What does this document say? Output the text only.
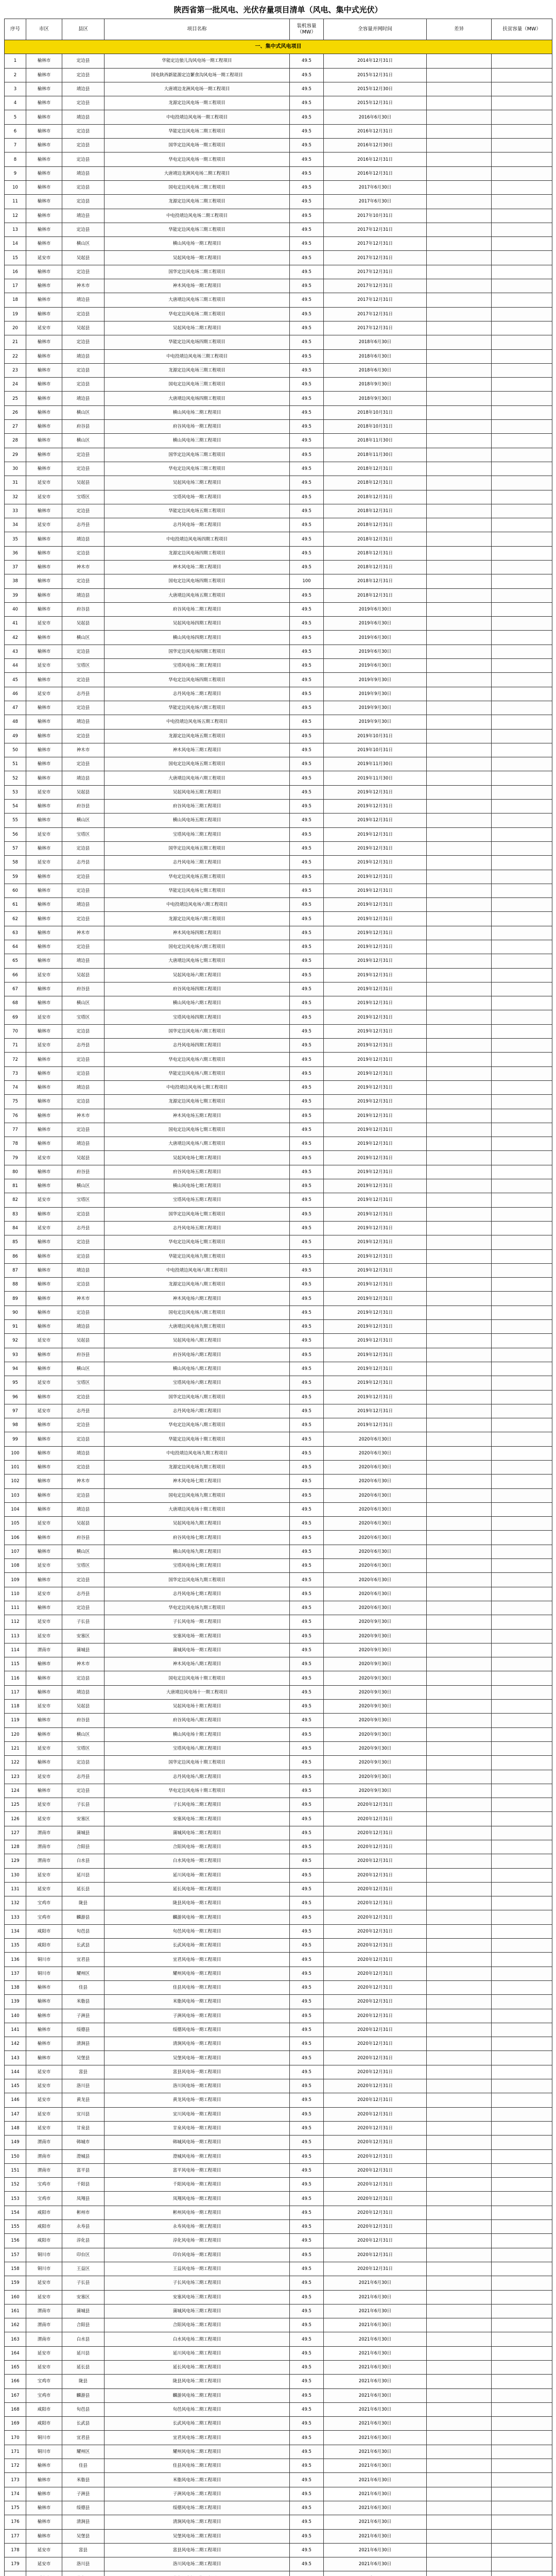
陕西省第一批风电、光伏存量项目清单（风电、集中式光伏）
序号	市区	县区	项目名称	装机容量（MW）	全容量并网时间	差异	扶贫容量（MW）
一、集中式风电项目							
1	榆林市	定边县	华能定边狼儿沟风电场一期工程项目	49.5	2014年12月31日		
2	榆林市	定边县	国电陕西新能源定边繁食沟风电场一期工程项目	49.5	2015年12月31日		
3	榆林市	靖边县	大唐靖边龙洲风电场一期工程项目	49.5	2015年12月30日		
4	榆林市	定边县	龙源定边风电场一期工程项目	49.5	2015年12月31日		
5	榆林市	靖边县	中电投靖边风电场一期工程项目	49.5	2016年6月30日		
6	榆林市	定边县	华能定边风电场二期工程项目	49.5	2016年12月31日		
7	榆林市	定边县	国华定边风电场一期工程项目	49.5	2016年12月30日		
8	榆林市	定边县	华电定边风电场一期工程项目	49.5	2016年12月31日		
9	榆林市	靖边县	大唐靖边龙洲风电场二期工程项目	49.5	2016年12月31日		
10	榆林市	定边县	国电定边风电场二期工程项目	49.5	2017年6月30日		
11	榆林市	定边县	龙源定边风电场二期工程项目	49.5	2017年6月30日		
12	榆林市	靖边县	中电投靖边风电场二期工程项目	49.5	2017年10月31日		
13	榆林市	定边县	华能定边风电场三期工程项目	49.5	2017年12月31日		
14	榆林市	横山区	横山风电场一期工程项目	49.5	2017年12月31日		
15	延安市	吴起县	吴起风电场一期工程项目	49.5	2017年12月31日		
16	榆林市	定边县	国华定边风电场二期工程项目	49.5	2017年12月31日		
17	榆林市	神木市	神木风电场一期工程项目	49.5	2017年12月31日		
18	榆林市	靖边县	大唐靖边风电场三期工程项目	49.5	2017年12月31日		
19	榆林市	定边县	华电定边风电场二期工程项目	49.5	2017年12月31日		
20	延安市	吴起县	吴起风电场二期工程项目	49.5	2017年12月31日		
21	榆林市	定边县	华能定边风电场四期工程项目	49.5	2018年6月30日		
22	榆林市	靖边县	中电投靖边风电场三期工程项目	49.5	2018年6月30日		
23	榆林市	定边县	龙源定边风电场三期工程项目	49.5	2018年6月30日		
24	榆林市	定边县	国电定边风电场三期工程项目	49.5	2018年9月30日		
25	榆林市	靖边县	大唐靖边风电场四期工程项目	49.5	2018年9月30日		
26	榆林市	横山区	横山风电场二期工程项目	49.5	2018年10月31日		
27	榆林市	府谷县	府谷风电场一期工程项目	49.5	2018年10月31日		
28	榆林市	横山区	横山风电场三期工程项目	49.5	2018年11月30日		
29	榆林市	定边县	国华定边风电场三期工程项目	49.5	2018年11月30日		
30	榆林市	定边县	华电定边风电场三期工程项目	49.5	2018年12月31日		
31	延安市	吴起县	吴起风电场三期工程项目	49.5	2018年12月31日		
32	延安市	宝塔区	宝塔风电场一期工程项目	49.5	2018年12月31日		
33	榆林市	定边县	华能定边风电场五期工程项目	49.5	2018年12月31日		
34	延安市	志丹县	志丹风电场一期工程项目	49.5	2018年12月31日		
35	榆林市	靖边县	中电投靖边风电场四期工程项目	49.5	2018年12月31日		
36	榆林市	定边县	龙源定边风电场四期工程项目	49.5	2018年12月31日		
37	榆林市	神木市	神木风电场二期工程项目	49.5	2018年12月31日		
38	榆林市	定边县	国电定边风电场四期工程项目	100	2018年12月31日		
39	榆林市	靖边县	大唐靖边风电场五期工程项目	49.5	2018年12月31日		
40	榆林市	府谷县	府谷风电场二期工程项目	49.5	2019年6月30日		
41	延安市	吴起县	吴起风电场四期工程项目	49.5	2019年6月30日		
42	榆林市	横山区	横山风电场四期工程项目	49.5	2019年6月30日		
43	榆林市	定边县	国华定边风电场四期工程项目	49.5	2019年6月30日		
44	延安市	宝塔区	宝塔风电场二期工程项目	49.5	2019年6月30日		
45	榆林市	定边县	华电定边风电场四期工程项目	49.5	2019年9月30日		
46	延安市	志丹县	志丹风电场二期工程项目	49.5	2019年9月30日		
47	榆林市	定边县	华能定边风电场六期工程项目	49.5	2019年9月30日		
48	榆林市	靖边县	中电投靖边风电场五期工程项目	49.5	2019年9月30日		
49	榆林市	定边县	龙源定边风电场五期工程项目	49.5	2019年10月31日		
50	榆林市	神木市	神木风电场三期工程项目	49.5	2019年10月31日		
51	榆林市	定边县	国电定边风电场五期工程项目	49.5	2019年11月30日		
52	榆林市	靖边县	大唐靖边风电场六期工程项目	49.5	2019年11月30日		
53	延安市	吴起县	吴起风电场五期工程项目	49.5	2019年12月31日		
54	榆林市	府谷县	府谷风电场三期工程项目	49.5	2019年12月31日		
55	榆林市	横山区	横山风电场五期工程项目	49.5	2019年12月31日		
56	延安市	宝塔区	宝塔风电场三期工程项目	49.5	2019年12月31日		
57	榆林市	定边县	国华定边风电场五期工程项目	49.5	2019年12月31日		
58	延安市	志丹县	志丹风电场三期工程项目	49.5	2019年12月31日		
59	榆林市	定边县	华电定边风电场五期工程项目	49.5	2019年12月31日		
60	榆林市	定边县	华能定边风电场七期工程项目	49.5	2019年12月31日		
61	榆林市	靖边县	中电投靖边风电场六期工程项目	49.5	2019年12月31日		
62	榆林市	定边县	龙源定边风电场六期工程项目	49.5	2019年12月31日		
63	榆林市	神木市	神木风电场四期工程项目	49.5	2019年12月31日		
64	榆林市	定边县	国电定边风电场六期工程项目	49.5	2019年12月31日		
65	榆林市	靖边县	大唐靖边风电场七期工程项目	49.5	2019年12月31日		
66	延安市	吴起县	吴起风电场六期工程项目	49.5	2019年12月31日		
67	榆林市	府谷县	府谷风电场四期工程项目	49.5	2019年12月31日		
68	榆林市	横山区	横山风电场六期工程项目	49.5	2019年12月31日		
69	延安市	宝塔区	宝塔风电场四期工程项目	49.5	2019年12月31日		
70	榆林市	定边县	国华定边风电场六期工程项目	49.5	2019年12月31日		
71	延安市	志丹县	志丹风电场四期工程项目	49.5	2019年12月31日		
72	榆林市	定边县	华电定边风电场六期工程项目	49.5	2019年12月31日		
73	榆林市	定边县	华能定边风电场八期工程项目	49.5	2019年12月31日		
74	榆林市	靖边县	中电投靖边风电场七期工程项目	49.5	2019年12月31日		
75	榆林市	定边县	龙源定边风电场七期工程项目	49.5	2019年12月31日		
76	榆林市	神木市	神木风电场五期工程项目	49.5	2019年12月31日		
77	榆林市	定边县	国电定边风电场七期工程项目	49.5	2019年12月31日		
78	榆林市	靖边县	大唐靖边风电场八期工程项目	49.5	2019年12月31日		
79	延安市	吴起县	吴起风电场七期工程项目	49.5	2019年12月31日		
80	榆林市	府谷县	府谷风电场五期工程项目	49.5	2019年12月31日		
81	榆林市	横山区	横山风电场七期工程项目	49.5	2019年12月31日		
82	延安市	宝塔区	宝塔风电场五期工程项目	49.5	2019年12月31日		
83	榆林市	定边县	国华定边风电场七期工程项目	49.5	2019年12月31日		
84	延安市	志丹县	志丹风电场五期工程项目	49.5	2019年12月31日		
85	榆林市	定边县	华电定边风电场七期工程项目	49.5	2019年12月31日		
86	榆林市	定边县	华能定边风电场九期工程项目	49.5	2019年12月31日		
87	榆林市	靖边县	中电投靖边风电场八期工程项目	49.5	2019年12月31日		
88	榆林市	定边县	龙源定边风电场八期工程项目	49.5	2019年12月31日		
89	榆林市	神木市	神木风电场六期工程项目	49.5	2019年12月31日		
90	榆林市	定边县	国电定边风电场八期工程项目	49.5	2019年12月31日		
91	榆林市	靖边县	大唐靖边风电场九期工程项目	49.5	2019年12月31日		
92	延安市	吴起县	吴起风电场八期工程项目	49.5	2019年12月31日		
93	榆林市	府谷县	府谷风电场六期工程项目	49.5	2019年12月31日		
94	榆林市	横山区	横山风电场八期工程项目	49.5	2019年12月31日		
95	延安市	宝塔区	宝塔风电场六期工程项目	49.5	2019年12月31日		
96	榆林市	定边县	国华定边风电场八期工程项目	49.5	2019年12月31日		
97	延安市	志丹县	志丹风电场六期工程项目	49.5	2019年12月31日		
98	榆林市	定边县	华电定边风电场八期工程项目	49.5	2019年12月31日		
99	榆林市	定边县	华能定边风电场十期工程项目	49.5	2020年6月30日		
100	榆林市	靖边县	中电投靖边风电场九期工程项目	49.5	2020年6月30日		
101	榆林市	定边县	龙源定边风电场九期工程项目	49.5	2020年6月30日		
102	榆林市	神木市	神木风电场七期工程项目	49.5	2020年6月30日		
103	榆林市	定边县	国电定边风电场九期工程项目	49.5	2020年6月30日		
104	榆林市	靖边县	大唐靖边风电场十期工程项目	49.5	2020年6月30日		
105	延安市	吴起县	吴起风电场九期工程项目	49.5	2020年6月30日		
106	榆林市	府谷县	府谷风电场七期工程项目	49.5	2020年6月30日		
107	榆林市	横山区	横山风电场九期工程项目	49.5	2020年6月30日		
108	延安市	宝塔区	宝塔风电场七期工程项目	49.5	2020年6月30日		
109	榆林市	定边县	国华定边风电场九期工程项目	49.5	2020年6月30日		
110	延安市	志丹县	志丹风电场七期工程项目	49.5	2020年6月30日		
111	榆林市	定边县	华电定边风电场九期工程项目	49.5	2020年6月30日		
112	延安市	子长县	子长风电场一期工程项目	49.5	2020年9月30日		
113	延安市	安塞区	安塞风电场一期工程项目	49.5	2020年9月30日		
114	渭南市	蒲城县	蒲城风电场一期工程项目	49.5	2020年9月30日		
115	榆林市	神木市	神木风电场八期工程项目	49.5	2020年9月30日		
116	榆林市	定边县	国电定边风电场十期工程项目	49.5	2020年9月30日		
117	榆林市	靖边县	大唐靖边风电场十一期工程项目	49.5	2020年9月30日		
118	延安市	吴起县	吴起风电场十期工程项目	49.5	2020年9月30日		
119	榆林市	府谷县	府谷风电场八期工程项目	49.5	2020年9月30日		
120	榆林市	横山区	横山风电场十期工程项目	49.5	2020年9月30日		
121	延安市	宝塔区	宝塔风电场八期工程项目	49.5	2020年9月30日		
122	榆林市	定边县	国华定边风电场十期工程项目	49.5	2020年9月30日		
123	延安市	志丹县	志丹风电场八期工程项目	49.5	2020年9月30日		
124	榆林市	定边县	华电定边风电场十期工程项目	49.5	2020年9月30日		
125	延安市	子长县	子长风电场二期工程项目	49.5	2020年12月31日		
126	延安市	安塞区	安塞风电场二期工程项目	49.5	2020年12月31日		
127	渭南市	蒲城县	蒲城风电场二期工程项目	49.5	2020年12月31日		
128	渭南市	合阳县	合阳风电场一期工程项目	49.5	2020年12月31日		
129	渭南市	白水县	白水风电场一期工程项目	49.5	2020年12月31日		
130	延安市	延川县	延川风电场一期工程项目	49.5	2020年12月31日		
131	延安市	延长县	延长风电场一期工程项目	49.5	2020年12月31日		
132	宝鸡市	陇县	陇县风电场一期工程项目	49.5	2020年12月31日		
133	宝鸡市	麟游县	麟游风电场一期工程项目	49.5	2020年12月31日		
134	咸阳市	旬邑县	旬邑风电场一期工程项目	49.5	2020年12月31日		
135	咸阳市	长武县	长武风电场一期工程项目	49.5	2020年12月31日		
136	铜川市	宜君县	宜君风电场一期工程项目	49.5	2020年12月31日		
137	铜川市	耀州区	耀州风电场一期工程项目	49.5	2020年12月31日		
138	榆林市	佳县	佳县风电场一期工程项目	49.5	2020年12月31日		
139	榆林市	米脂县	米脂风电场一期工程项目	49.5	2020年12月31日		
140	榆林市	子洲县	子洲风电场一期工程项目	49.5	2020年12月31日		
141	榆林市	绥德县	绥德风电场一期工程项目	49.5	2020年12月31日		
142	榆林市	清涧县	清涧风电场一期工程项目	49.5	2020年12月31日		
143	榆林市	吴堡县	吴堡风电场一期工程项目	49.5	2020年12月31日		
144	延安市	富县	富县风电场一期工程项目	49.5	2020年12月31日		
145	延安市	洛川县	洛川风电场一期工程项目	49.5	2020年12月31日		
146	延安市	黄龙县	黄龙风电场一期工程项目	49.5	2020年12月31日		
147	延安市	宜川县	宜川风电场一期工程项目	49.5	2020年12月31日		
148	延安市	甘泉县	甘泉风电场一期工程项目	49.5	2020年12月31日		
149	渭南市	韩城市	韩城风电场一期工程项目	49.5	2020年12月31日		
150	渭南市	澄城县	澄城风电场一期工程项目	49.5	2020年12月31日		
151	渭南市	富平县	富平风电场一期工程项目	49.5	2020年12月31日		
152	宝鸡市	千阳县	千阳风电场一期工程项目	49.5	2020年12月31日		
153	宝鸡市	凤翔县	凤翔风电场一期工程项目	49.5	2020年12月31日		
154	咸阳市	彬州市	彬州风电场一期工程项目	49.5	2020年12月31日		
155	咸阳市	永寿县	永寿风电场一期工程项目	49.5	2020年12月31日		
156	咸阳市	淳化县	淳化风电场一期工程项目	49.5	2020年12月31日		
157	铜川市	印台区	印台风电场一期工程项目	49.5	2020年12月31日		
158	铜川市	王益区	王益风电场一期工程项目	49.5	2020年12月31日		
159	延安市	子长县	子长风电场三期工程项目	49.5	2021年6月30日		
160	延安市	安塞区	安塞风电场三期工程项目	49.5	2021年6月30日		
161	渭南市	蒲城县	蒲城风电场三期工程项目	49.5	2021年6月30日		
162	渭南市	合阳县	合阳风电场二期工程项目	49.5	2021年6月30日		
163	渭南市	白水县	白水风电场二期工程项目	49.5	2021年6月30日		
164	延安市	延川县	延川风电场二期工程项目	49.5	2021年6月30日		
165	延安市	延长县	延长风电场二期工程项目	49.5	2021年6月30日		
166	宝鸡市	陇县	陇县风电场二期工程项目	49.5	2021年6月30日		
167	宝鸡市	麟游县	麟游风电场二期工程项目	49.5	2021年6月30日		
168	咸阳市	旬邑县	旬邑风电场二期工程项目	49.5	2021年6月30日		
169	咸阳市	长武县	长武风电场二期工程项目	49.5	2021年6月30日		
170	铜川市	宜君县	宜君风电场二期工程项目	49.5	2021年6月30日		
171	铜川市	耀州区	耀州风电场二期工程项目	49.5	2021年6月30日		
172	榆林市	佳县	佳县风电场二期工程项目	49.5	2021年6月30日		
173	榆林市	米脂县	米脂风电场二期工程项目	49.5	2021年6月30日		
174	榆林市	子洲县	子洲风电场二期工程项目	49.5	2021年6月30日		
175	榆林市	绥德县	绥德风电场二期工程项目	49.5	2021年6月30日		
176	榆林市	清涧县	清涧风电场二期工程项目	49.5	2021年6月30日		
177	榆林市	吴堡县	吴堡风电场二期工程项目	49.5	2021年6月30日		
178	延安市	富县	富县风电场二期工程项目	49.5	2021年6月30日		
179	延安市	洛川县	洛川风电场二期工程项目	49.5	2021年6月30日		
